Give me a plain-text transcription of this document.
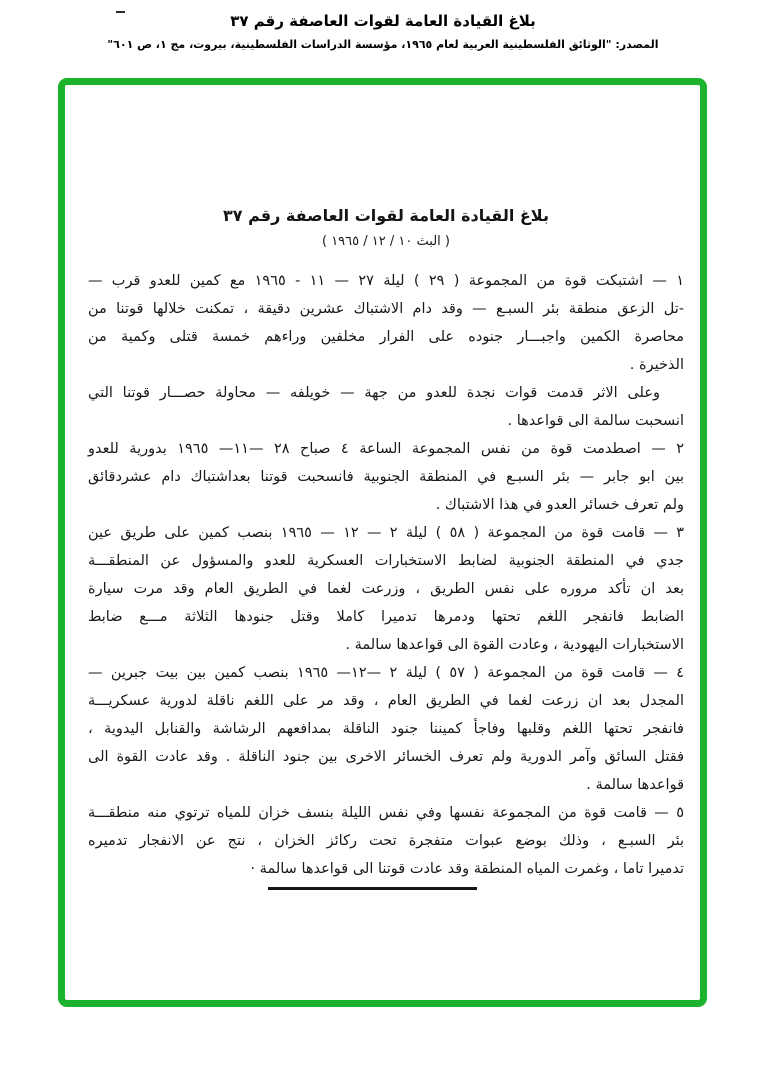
بلاغ القيادة العامة لقوات العاصفة رقم ٣٧
المصدر: "الوثائق الفلسطينية العربية لعام ١٩٦٥، مؤسسة الدراسات الفلسطينية، بيروت، مج ١، ص ٦٠١"
بلاغ القيادة العامة لقوات العاصفة رقم ٣٧
( البث ١٠ / ١٢ / ١٩٦٥ )
١ — اشتبكت قوة من المجموعة ( ٢٩ ) ليلة ٢٧ — ١١ - ١٩٦٥ مع كمين للعدو قرب —
-تل الزعق منطقة بئر السبـع — وقد دام الاشتباك عشرين دقيقة ، تمكنت خلالها قوتنا من
محاصرة الكمين واجبـــار جنوده على الفرار مخلفين وراءهم خمسة قتلى وكمية من
الذخيرة .
وعلى الاثر قدمت قوات نجدة للعدو من جهة — خويلفه — محاولة حصـــار قوتنا التي
انسحبت سالمة الى قواعدها .
٢ — اصطدمت قوة من نفس المجموعة الساعة ٤ صباح ٢٨ —١١— ١٩٦٥ بدورية للعدو
بين ابو جابر — بئر السبـع في المنطقة الجنوبية فانسحبت قوتنا بعداشتباك دام عشردقائق
ولم تعرف خسائر العدو في هذا الاشتباك .
٣ — قامت قوة من المجموعة ( ٥٨ ) ليلة ٢ — ١٢ — ١٩٦٥ بنصب كمين على طريق عين
جدي في المنطقة الجنوبية لضابط الاستخبارات العسكرية للعدو والمسؤول عن المنطقـــة
بعد ان تأكد مروره على نفس الطريق ، وزرعت لغما في الطريق العام وقد مرت سيارة
الضابط فانفجر اللغم تحتها ودمرها تدميرا كاملا وقتل جنودها الثلاثة مـــع ضابط
الاستخبارات اليهودية ، وعادت القوة الى قواعدها سالمة .
٤ — قامت قوة من المجموعة ( ٥٧ ) ليلة ٢ —١٢— ١٩٦٥ بنصب كمين بين بيت جبرين —
المجدل بعد ان زرعت لغما في الطريق العام ، وقد مر على اللغم ناقلة لدورية عسكريـــة
فانفجر تحتها اللغم وقلبها وفاجأ كميننا جنود الناقلة بمدافعهم الرشاشة والقنابل اليدوية ،
فقتل السائق وآمر الدورية ولم تعرف الخسائر الاخرى بين جنود الناقلة . وقد عادت القوة الى
قواعدها سالمة .
٥ — قامت قوة من المجموعة نفسها وفي نفس الليلة بنسف خزان للمياه ترتوي منه منطقـــة
بئر السبـع ، وذلك بوضع عبوات متفجرة تحت ركائز الخزان ، نتج عن الانفجار تدميره
تدميرا تاما ، وغمرت المياه المنطقة وقد عادت قوتنا الى قواعدها سالمة ·
